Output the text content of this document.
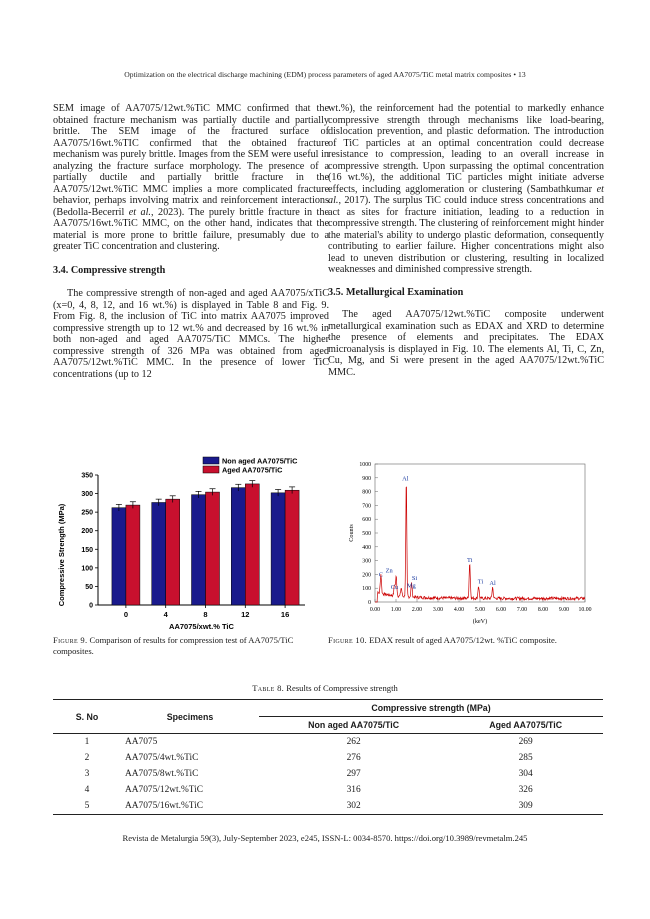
Optimization on the electrical discharge machining (EDM) process parameters of aged AA7075/TiC metal matrix composites • 13

SEM image of AA7075/12wt.%TiC MMC confirmed that the obtained fracture mechanism was partially ductile and partially brittle. The SEM image of the fractured surface of AA7075/16wt.%TIC confirmed that the obtained fracture mechanism was purely brittle. Images from the SEM were useful in analyzing the fracture surface morphology. The presence of a partially ductile and partially brittle fracture in the AA7075/12wt.%TiC MMC implies a more complicated fracture behavior, perhaps involving matrix and reinforcement interactions (Bedolla-Becerril et al., 2023). The purely brittle fracture in the AA7075/16wt.%TiC MMC, on the other hand, indicates that the material is more prone to brittle failure, presumably due to a greater TiC concentration and clustering.

3.4. Compressive strength

The compressive strength of non-aged and aged AA7075/xTiC (x=0, 4, 8, 12, and 16 wt.%) is displayed in Table 8 and Fig. 9. From Fig. 8, the inclusion of TiC into matrix AA7075 improved compressive strength up to 12 wt.% and decreased by 16 wt.% in both non-aged and aged AA7075/TiC MMCs. The higher compressive strength of 326 MPa was obtained from aged AA7075/12wt.%TiC MMC. In the presence of lower TiC concentrations (up to 12

wt.%), the reinforcement had the potential to markedly enhance compressive strength through mechanisms like load-bearing, dislocation prevention, and plastic deformation. The introduction of TiC particles at an optimal concentration could decrease resistance to compression, leading to an overall increase in compressive strength. Upon surpassing the optimal concentration (16 wt.%), the additional TiC particles might initiate adverse effects, including agglomeration or clustering (Sambathkumar et al., 2017). The surplus TiC could induce stress concentrations and act as sites for fracture initiation, leading to a reduction in compressive strength. The clustering of reinforcement might hinder the material's ability to undergo plastic deformation, consequently contributing to earlier failure. Higher concentrations might also lead to uneven distribution or clustering, resulting in localized weaknesses and diminished compressive strength.

3.5. Metallurgical Examination

The aged AA7075/12wt.%TiC composite underwent metallurgical examination such as EDAX and XRD to determine the presence of elements and precipitates. The EDAX microanalysis is displayed in Fig. 10. The elements Al, Ti, C, Zn, Cu, Mg, and Si were present in the aged AA7075/12wt.%TiC MMC.

0
50
100
150
200
250
300
350
0	4	8	12	16
AA7075/xwt.% TiC
Compressive Strength (MPa)
Non aged AA7075/TiC
Aged AA7075/TiC
0
100
200
300
400
500
600
700
800
900
1000
0.00 1.00 2.00 3.00 4.00 5.00 6.00 7.00 8.00 9.00 10.00
(keV)
Counts
Al
Ti
C
Zn
Si
Cu
Al
Ti
Mg
Figure 9. Comparison of results for compression test of AA7075/TiC composites.
Figure 10. EDAX result of aged AA7075/12wt. %TiC composite.
Table 8. Results of Compressive strength
S. No	Specimens	Compressive strength (MPa)	
		Non aged AA7075/TiC	Aged AA7075/TiC
1	AA7075	262	269
2	AA7075/4wt.%TiC	276	285
3	AA7075/8wt.%TiC	297	304
4	AA7075/12wt.%TiC	316	326
5	AA7075/16wt.%TiC	302	309
Revista de Metalurgia 59(3), July-September 2023, e245, ISSN-L: 0034-8570. https://doi.org/10.3989/revmetalm.245
